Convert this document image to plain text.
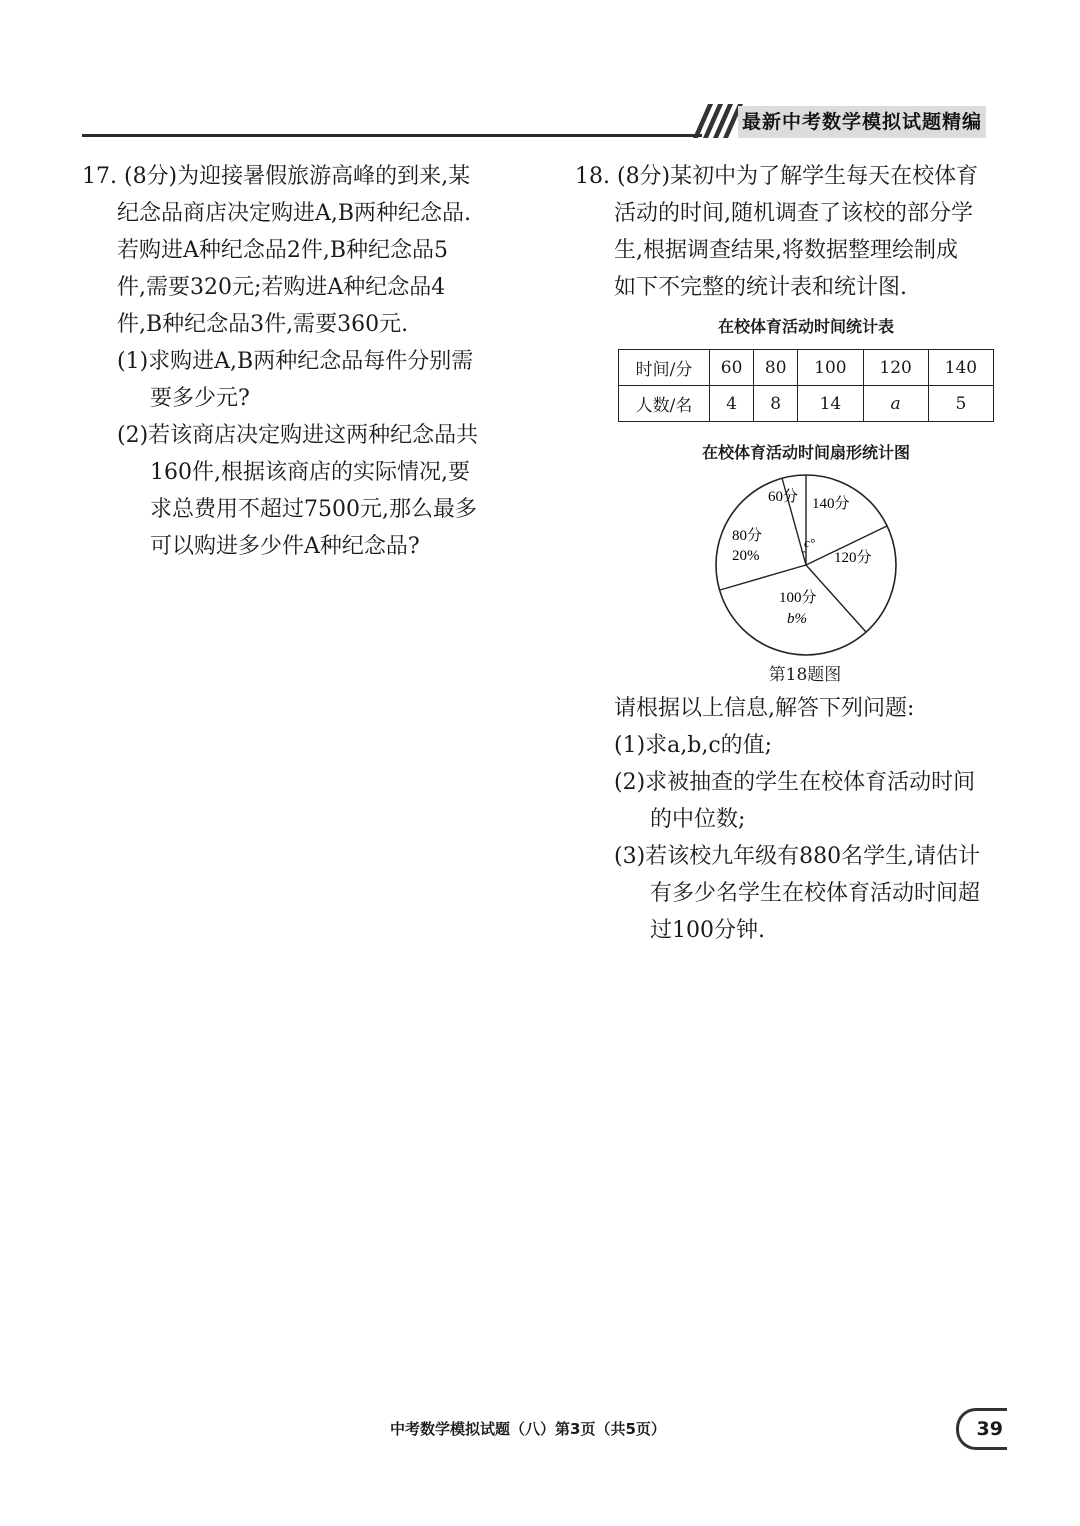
最新中考数学模拟试题精编
17. (8分)为迎接暑假旅游高峰的到来,某
纪念品商店决定购进A,B两种纪念品.
若购进A种纪念品2件,B种纪念品5
件,需要320元;若购进A种纪念品4
件,B种纪念品3件,需要360元.
(1)求购进A,B两种纪念品每件分别需
要多少元?
(2)若该商店决定购进这两种纪念品共
160件,根据该商店的实际情况,要
求总费用不超过7500元,那么最多
可以购进多少件A种纪念品?
18. (8分)某初中为了解学生每天在校体育
活动的时间,随机调查了该校的部分学
生,根据调查结果,将数据整理绘制成
如下不完整的统计表和统计图.
在校体育活动时间统计表
时间/分	60	80	100	120	140
人数/名	4	8	14	a	5
在校体育活动时间扇形统计图
60分 140分
120分
80分
20%
100分
b%
c°
第18题图
请根据以上信息,解答下列问题:
(1)求a,b,c的值;
(2)求被抽查的学生在校体育活动时间
的中位数;
(3)若该校九年级有880名学生,请估计
有多少名学生在校体育活动时间超
过100分钟.
中考数学模拟试题（八）第3页（共5页）	39
